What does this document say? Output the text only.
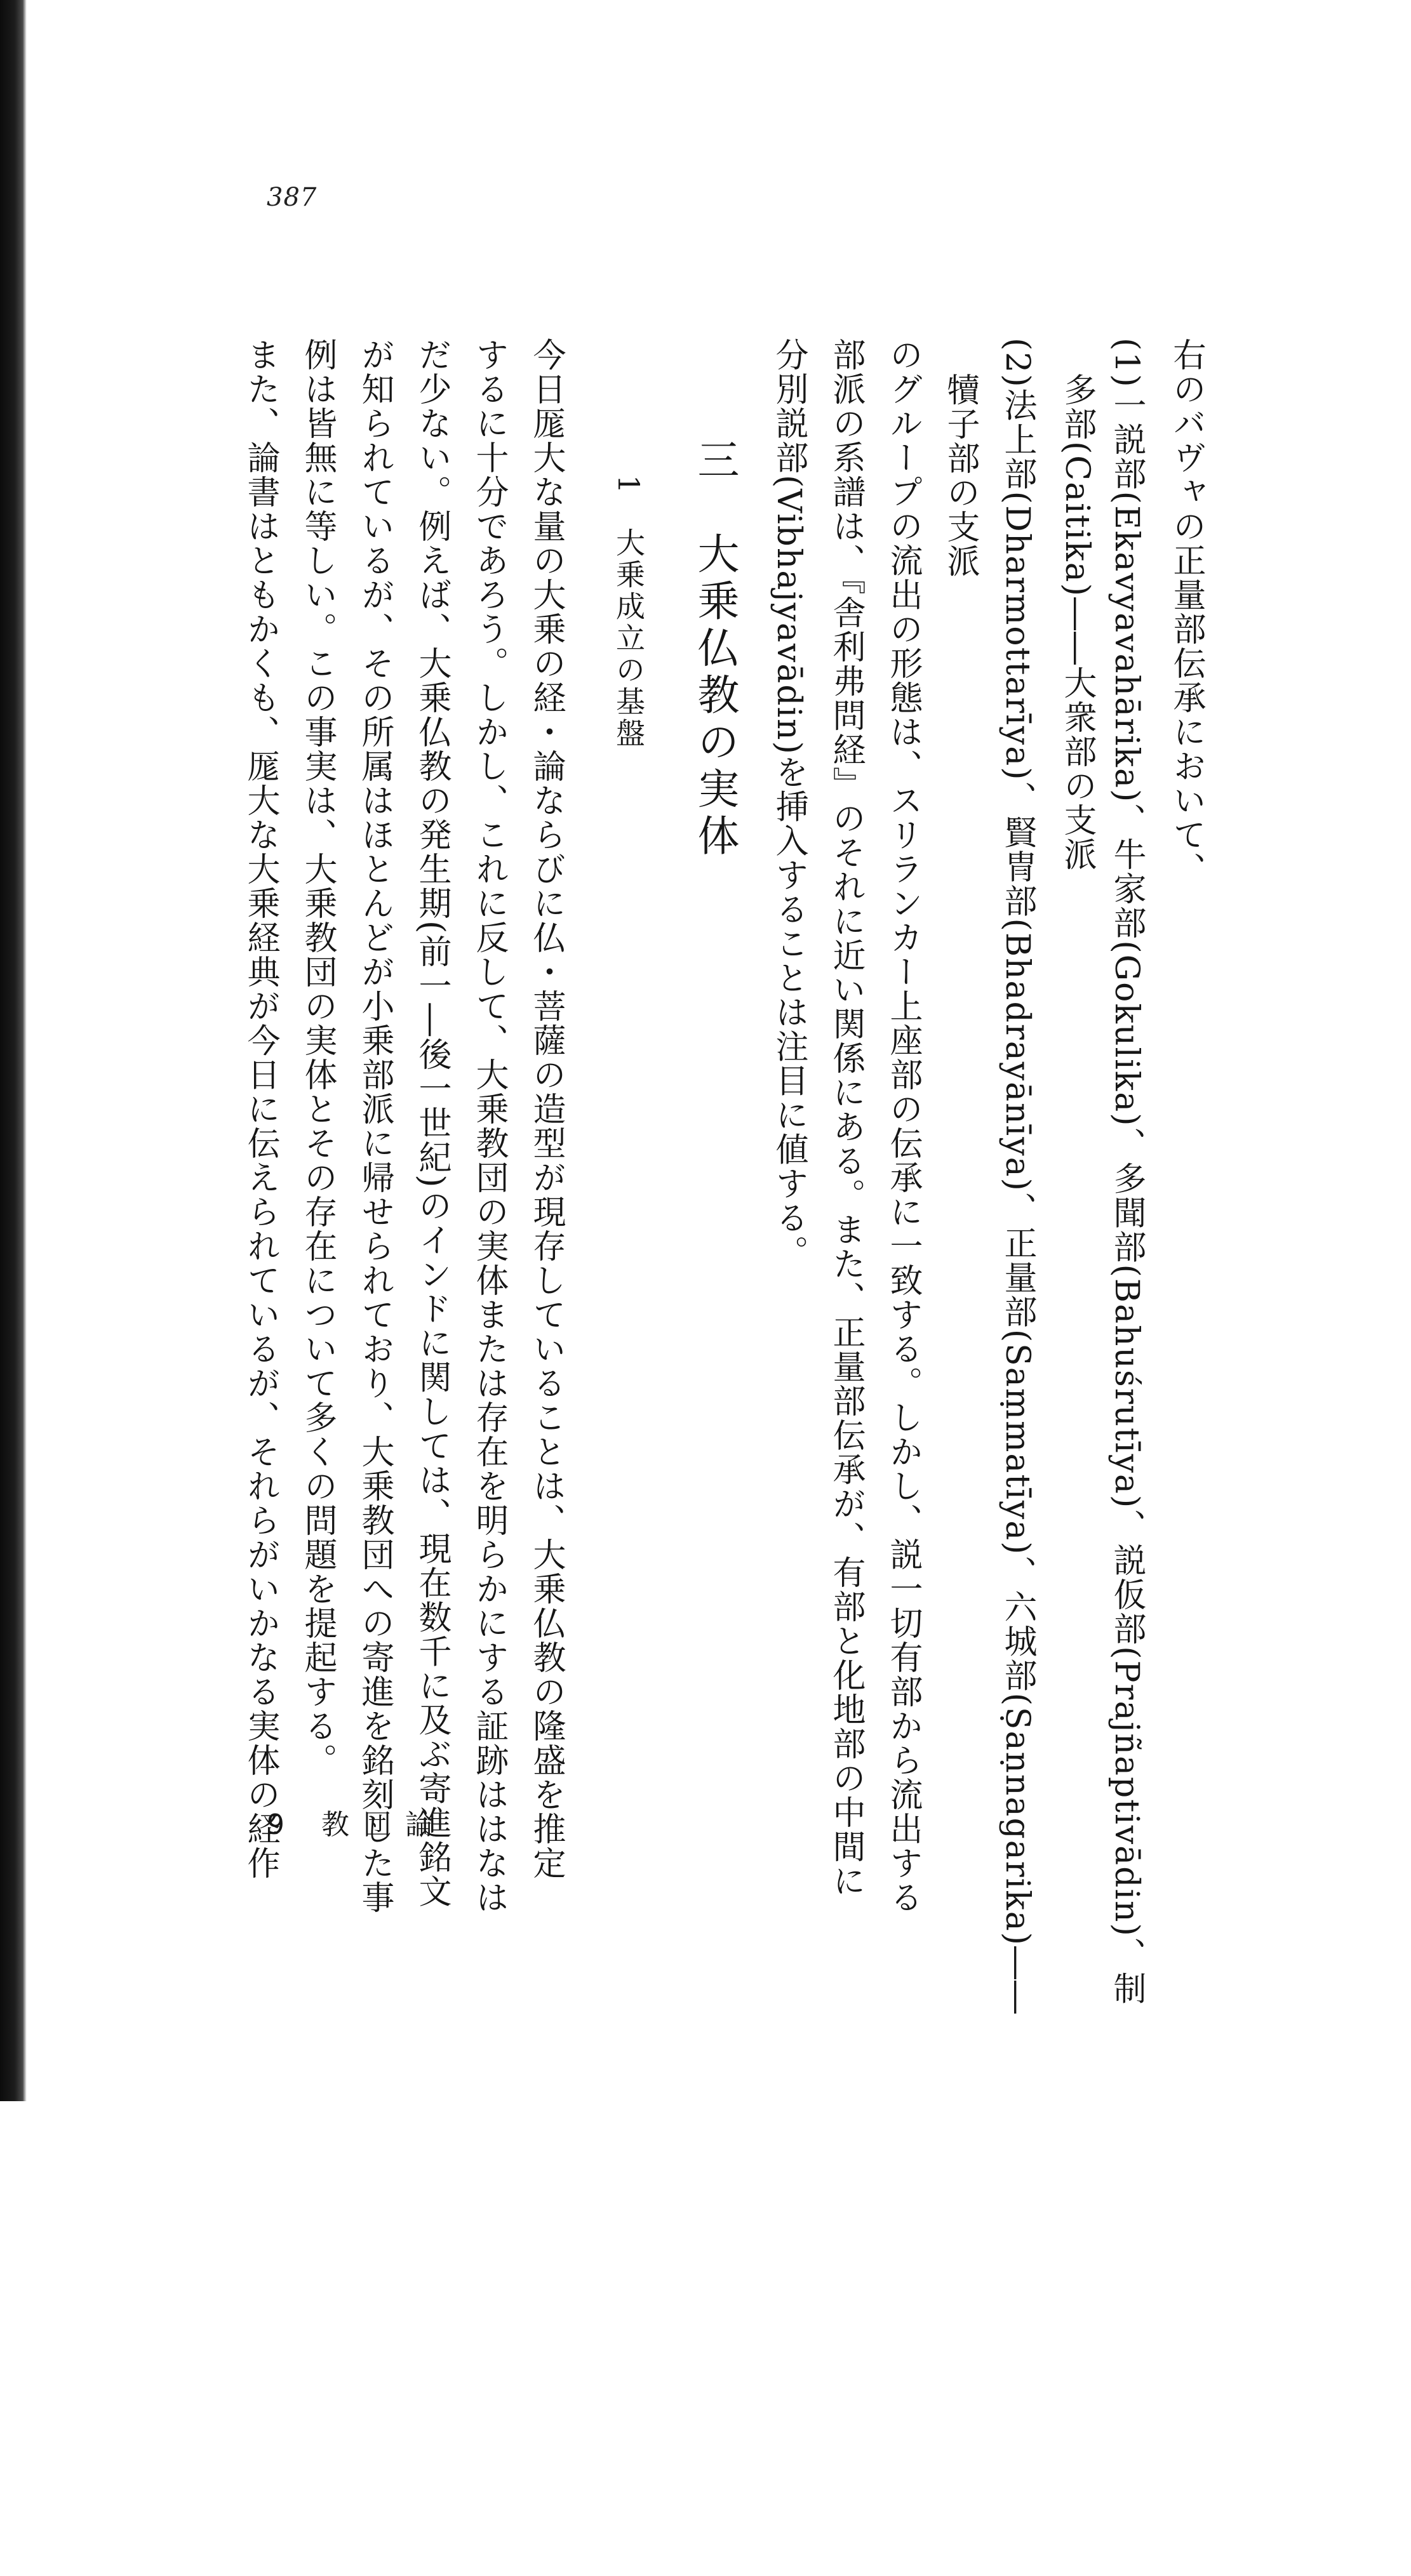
387
右のバヴャの正量部伝承において、
(1)一説部(Ekavyavahārika)、牛家部(Gokulika)、多聞部(Bahuśrutīya)、説仮部(Prajñaptivādin)、制
多部(Caitika)――大衆部の支派
(2)法上部(Dharmottarīya)、賢冑部(Bhadrayānīya)、正量部(Saṃmatīya)、六城部(Ṣaṇnagarika)――
犢子部の支派
のグループの流出の形態は、スリランカー上座部の伝承に一致する。しかし、説一切有部から流出する
部派の系譜は、『舎利弗問経』のそれに近い関係にある。また、正量部伝承が、有部と化地部の中間に
分別説部(Vibhajyavādin)を挿入することは注目に値する。
三　大乗仏教の実体
1　大乗成立の基盤
今日厖大な量の大乗の経・論ならびに仏・菩薩の造型が現存していることは、大乗仏教の隆盛を推定
するに十分であろう。しかし、これに反して、大乗教団の実体または存在を明らかにする証跡ははなは
だ少ない。例えば、大乗仏教の発生期(前一―後一世紀)のインドに関しては、現在数千に及ぶ寄進銘文
が知られているが、その所属はほとんどが小乗部派に帰せられており、大乗教団への寄進を銘刻した事
例は皆無に等しい。この事実は、大乗教団の実体とその存在について多くの問題を提起する。
また、論書はともかくも、厖大な大乗経典が今日に伝えられているが、それらがいかなる実体の経作
9 教団論
